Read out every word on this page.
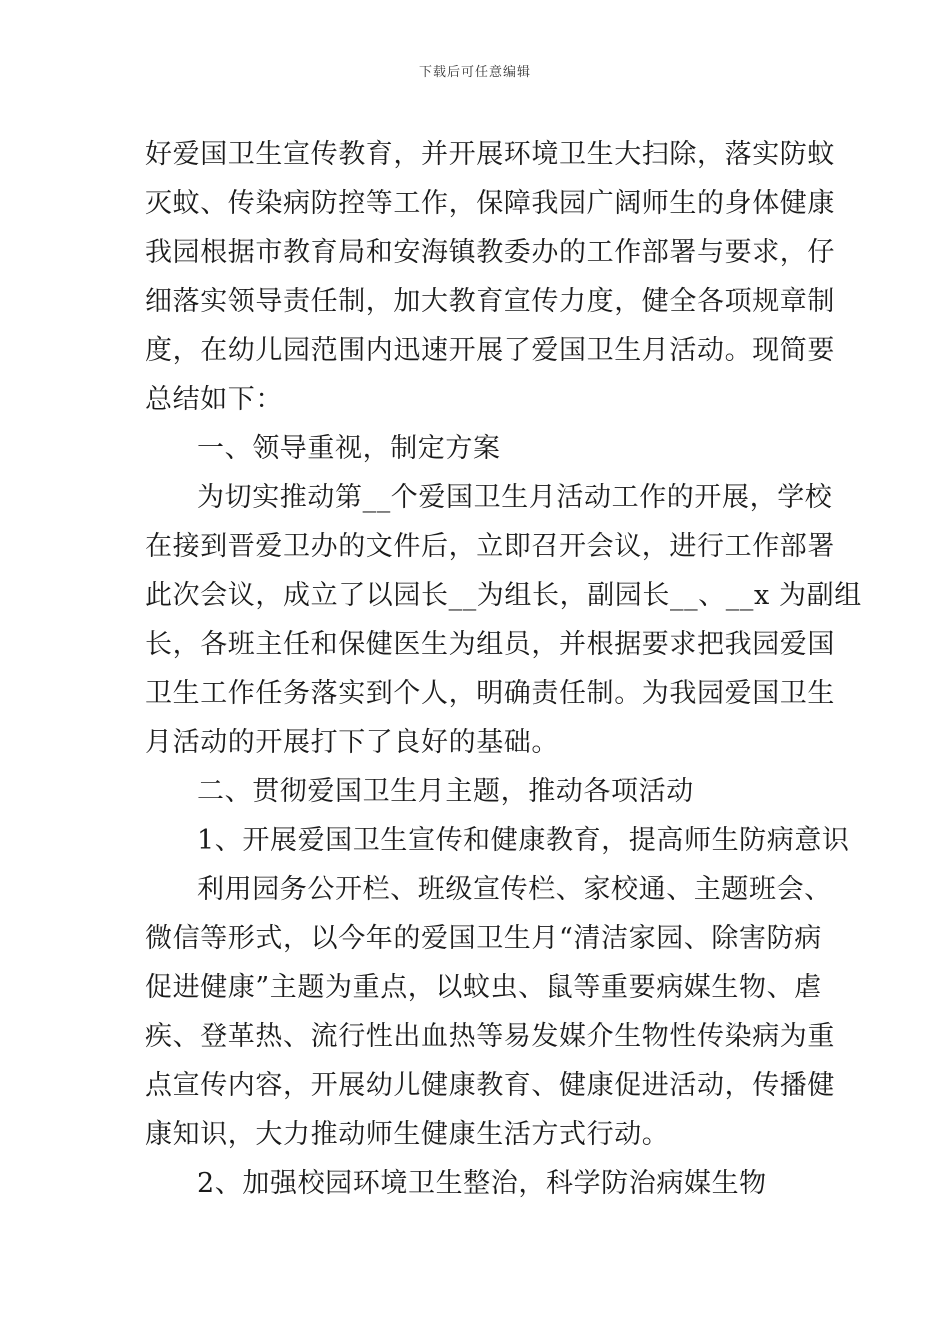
下载后可任意编辑
好爱国卫生宣传教育，并开展环境卫生大扫除，落实防蚊
灭蚊、传染病防控等工作，保障我园广阔师生的身体健康
我园根据市教育局和安海镇教委办的工作部署与要求，仔
细落实领导责任制，加大教育宣传力度，健全各项规章制
度，在幼儿园范围内迅速开展了爱国卫生月活动。现简要
总结如下：
一、领导重视，制定方案
为切实推动第__个爱国卫生月活动工作的开展，学校
在接到晋爱卫办的文件后，立即召开会议，进行工作部署
此次会议，成立了以园长__为组长，副园长__、__x 为副组
长，各班主任和保健医生为组员，并根据要求把我园爱国
卫生工作任务落实到个人，明确责任制。为我园爱国卫生
月活动的开展打下了良好的基础。
二、贯彻爱国卫生月主题，推动各项活动
1、开展爱国卫生宣传和健康教育，提高师生防病意识
利用园务公开栏、班级宣传栏、家校通、主题班会、
微信等形式，以今年的爱国卫生月“清洁家园、除害防病
促进健康”主题为重点，以蚊虫、鼠等重要病媒生物、虐
疾、登革热、流行性出血热等易发媒介生物性传染病为重
点宣传内容，开展幼儿健康教育、健康促进活动，传播健
康知识，大力推动师生健康生活方式行动。
2、加强校园环境卫生整治，科学防治病媒生物
